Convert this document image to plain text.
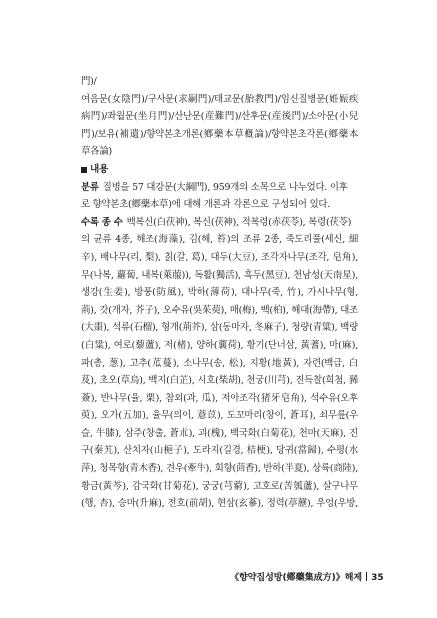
門)/
여음문(女陰門)/구사문(求嗣門)/태교문(胎教門)/임신질병문(姙娠疾
病門)/좌월문(坐月門)/산난문(産難門)/산후문(産後門)/소아문(小兒
門)/보유(補遺)/향약본초개론(鄕藥本草槪論)/향약본초각론(鄕藥本
草各論)
내용
분류 질병을 57 대강문(大綱門), 959개의 소목으로 나누었다. 이후
로 향약본초(鄕藥本草)에 대해 개론과 각론으로 구성되어 있다.
수록 종 수 백복신(白茯神), 복신(茯神), 적복령(赤茯苓), 복령(茯苓)
의 균류 4종, 해조(海藻), 김(해, 苔)의 조류 2종, 죽도리풀(세신, 細
辛), 배나무(리, 梨), 칡(갈, 葛), 대두(大豆), 조각자나무(조각, 皂角),
무(나복, 蘿蔔, 내복(萊菔)), 독활(獨活), 흑두(黑豆), 천남성(天南星),
생강(生姜), 방풍(防風), 박하(薄荷), 대나무(죽, 竹), 가시나무(형,
荊), 갓(개자, 芥子), 오수유(吳茱萸), 매(梅), 백(柏), 해대(海帶), 대조
(大棗), 석류(石榴), 형개(荊芥), 삼(동마자, 冬麻子), 청량(青粱), 백량
(白粱), 여로(藜蘆), 저(楮), 양하(蘘荷), 황기(단너삼, 黃蓍), 마(麻),
파(총, 葱), 고추(苽蔓), 소나무(송, 松), 지황(地黃), 자련(백급, 白
芨), 초오(草烏), 백지(白芷), 시호(柴胡), 천궁(川芎), 진득찰(희첨, 豨
薟), 반나무(율, 栗), 참외(과, 瓜), 저아조각(猪牙皂角), 석수유(오후
萸), 오가(五加), 율무(의이, 薏苡), 도꼬마리(창이, 蒼耳), 쇠무릎(우
슬, 牛膝), 삼주(창출, 蒼朮), 괴(槐), 백국화(白菊花), 천마(天麻), 진
구(秦艽), 산치자(山梔子), 도라지(길경, 桔梗), 당귀(當歸), 수평(水
萍), 청목향(青木香), 견우(牽牛), 회향(茴香), 반하(半夏), 상륙(商陸),
황금(黃芩), 감국화(甘菊花), 궁궁(芎藭), 고호로(苦瓠蘆), 살구나무
(행, 杏), 승마(升麻), 전호(前胡), 현삼(玄蔘), 정력(葶藶), 우엉(우방,
《향약집성방(鄕藥集成方)》해제 35
